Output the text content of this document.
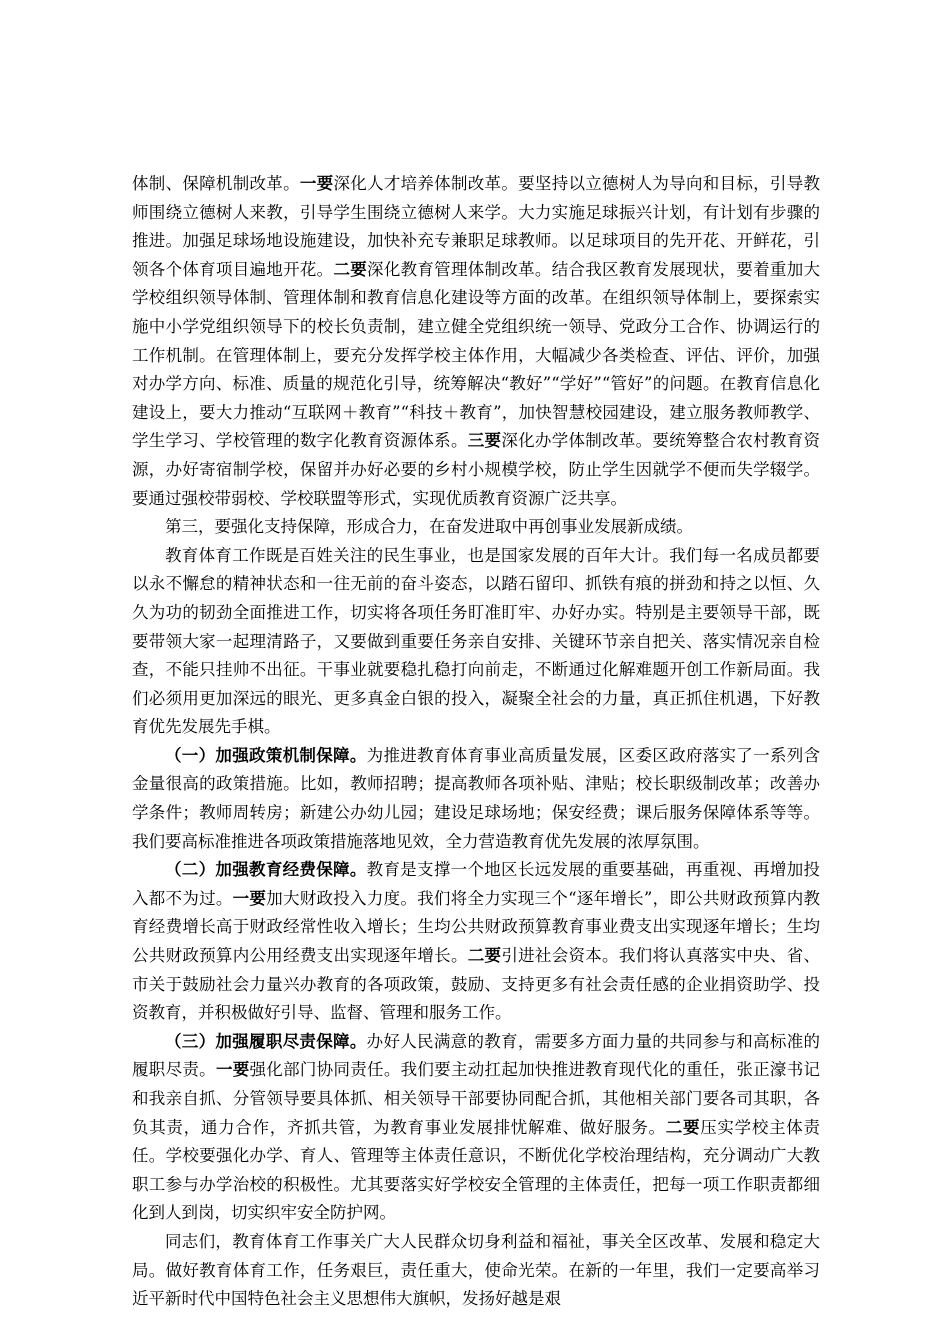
体制、保障机制改革。一要深化人才培养体制改革。要坚持以立德树人为导向和目标，引导教师围绕立德树人来教，引导学生围绕立德树人来学。大力实施足球振兴计划，有计划有步骤的推进。加强足球场地设施建设，加快补充专兼职足球教师。以足球项目的先开花、开鲜花，引领各个体育项目遍地开花。二要深化教育管理体制改革。结合我区教育发展现状，要着重加大学校组织领导体制、管理体制和教育信息化建设等方面的改革。在组织领导体制上，要探索实施中小学党组织领导下的校长负责制，建立健全党组织统一领导、党政分工合作、协调运行的工作机制。在管理体制上，要充分发挥学校主体作用，大幅减少各类检查、评估、评价，加强对办学方向、标准、质量的规范化引导，统筹解决“教好”“学好”“管好”的问题。在教育信息化建设上，要大力推动“互联网＋教育”“科技＋教育”，加快智慧校园建设，建立服务教师教学、学生学习、学校管理的数字化教育资源体系。三要深化办学体制改革。要统筹整合农村教育资源，办好寄宿制学校，保留并办好必要的乡村小规模学校，防止学生因就学不便而失学辍学。要通过强校带弱校、学校联盟等形式，实现优质教育资源广泛共享。

第三，要强化支持保障，形成合力，在奋发进取中再创事业发展新成绩。

教育体育工作既是百姓关注的民生事业，也是国家发展的百年大计。我们每一名成员都要以永不懈怠的精神状态和一往无前的奋斗姿态，以踏石留印、抓铁有痕的拼劲和持之以恒、久久为功的韧劲全面推进工作，切实将各项任务盯准盯牢、办好办实。特别是主要领导干部，既要带领大家一起理清路子，又要做到重要任务亲自安排、关键环节亲自把关、落实情况亲自检查，不能只挂帅不出征。干事业就要稳扎稳打向前走，不断通过化解难题开创工作新局面。我们必须用更加深远的眼光、更多真金白银的投入，凝聚全社会的力量，真正抓住机遇，下好教育优先发展先手棋。

（一）加强政策机制保障。为推进教育体育事业高质量发展，区委区政府落实了一系列含金量很高的政策措施。比如，教师招聘；提高教师各项补贴、津贴；校长职级制改革；改善办学条件；教师周转房；新建公办幼儿园；建设足球场地；保安经费；课后服务保障体系等等。我们要高标准推进各项政策措施落地见效，全力营造教育优先发展的浓厚氛围。

（二）加强教育经费保障。教育是支撑一个地区长远发展的重要基础，再重视、再增加投入都不为过。一要加大财政投入力度。我们将全力实现三个“逐年增长”，即公共财政预算内教育经费增长高于财政经常性收入增长；生均公共财政预算教育事业费支出实现逐年增长；生均公共财政预算内公用经费支出实现逐年增长。二要引进社会资本。我们将认真落实中央、省、市关于鼓励社会力量兴办教育的各项政策，鼓励、支持更多有社会责任感的企业捐资助学、投资教育，并积极做好引导、监督、管理和服务工作。

（三）加强履职尽责保障。办好人民满意的教育，需要多方面力量的共同参与和高标准的履职尽责。一要强化部门协同责任。我们要主动扛起加快推进教育现代化的重任，张正濠书记和我亲自抓、分管领导要具体抓、相关领导干部要协同配合抓，其他相关部门要各司其职，各负其责，通力合作，齐抓共管，为教育事业发展排忧解难、做好服务。二要压实学校主体责任。学校要强化办学、育人、管理等主体责任意识，不断优化学校治理结构，充分调动广大教职工参与办学治校的积极性。尤其要落实好学校安全管理的主体责任，把每一项工作职责都细化到人到岗，切实织牢安全防护网。

同志们，教育体育工作事关广大人民群众切身利益和福祉，事关全区改革、发展和稳定大局。做好教育体育工作，任务艰巨，责任重大，使命光荣。在新的一年里，我们一定要高举习近平新时代中国特色社会主义思想伟大旗帜，发扬好越是艰
